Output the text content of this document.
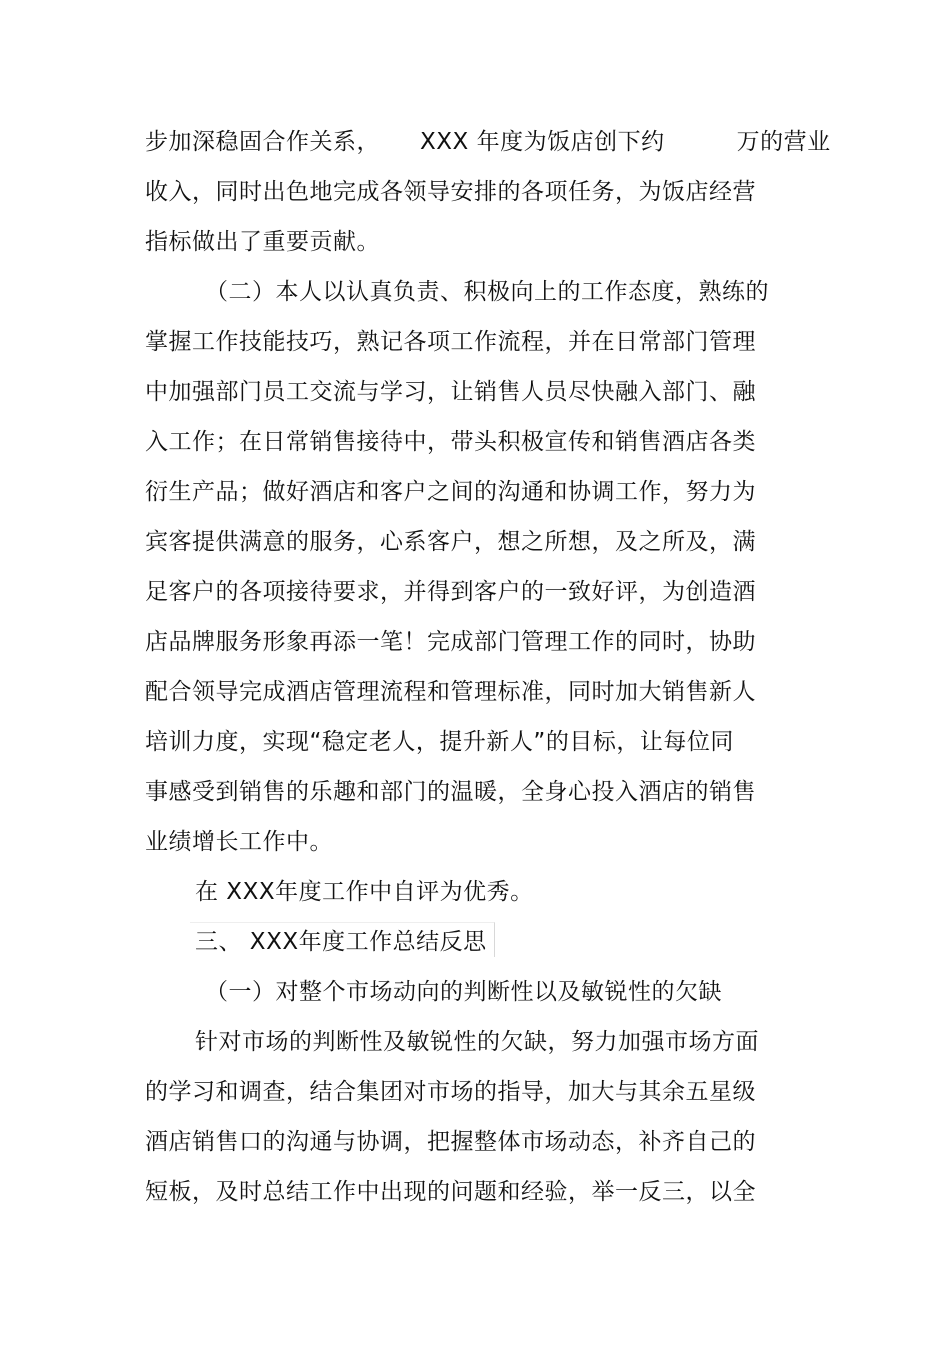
步加深稳固合作关系， XXX 年度为饭店创下约	万的营业
收入，同时出色地完成各领导安排的各项任务，为饭店经营
指标做出了重要贡献。
（二）本人以认真负责、积极向上的工作态度，熟练的
掌握工作技能技巧，熟记各项工作流程，并在日常部门管理
中加强部门员工交流与学习，让销售人员尽快融入部门、融
入工作；在日常销售接待中，带头积极宣传和销售酒店各类
衍生产品；做好酒店和客户之间的沟通和协调工作，努力为
宾客提供满意的服务，心系客户，想之所想，及之所及，满
足客户的各项接待要求，并得到客户的一致好评，为创造酒
店品牌服务形象再添一笔！完成部门管理工作的同时，协助
配合领导完成酒店管理流程和管理标准，同时加大销售新人
培训力度，实现“稳定老人，提升新人”的目标，让每位同
事感受到销售的乐趣和部门的温暖，全身心投入酒店的销售
业绩增长工作中。
在 XXX年度工作中自评为优秀。
三、 XXX年度工作总结反思
（一）对整个市场动向的判断性以及敏锐性的欠缺
针对市场的判断性及敏锐性的欠缺，努力加强市场方面
的学习和调查，结合集团对市场的指导，加大与其余五星级
酒店销售口的沟通与协调，把握整体市场动态，补齐自己的
短板，及时总结工作中出现的问题和经验，举一反三，以全
